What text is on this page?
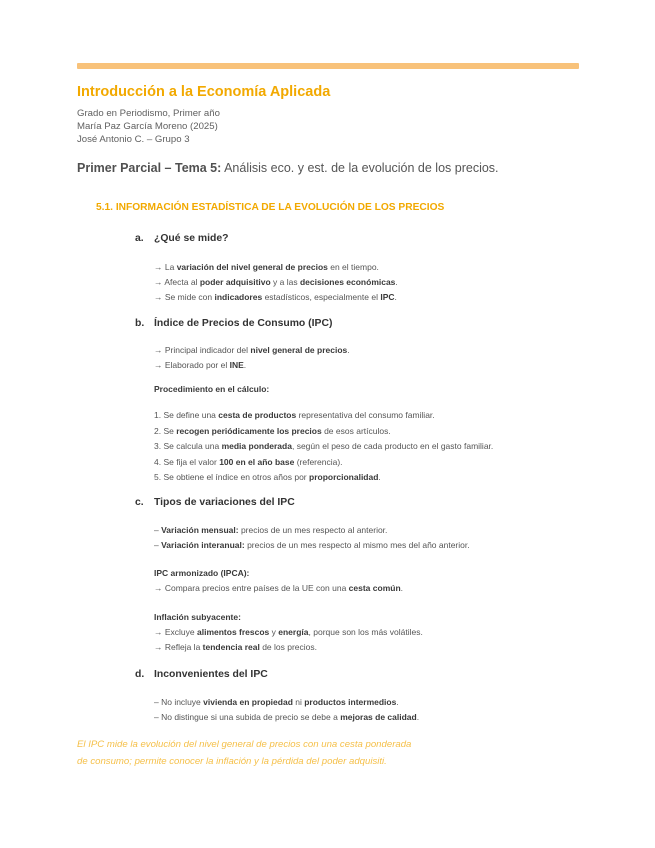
Introducción a la Economía Aplicada
Grado en Periodismo, Primer año
María Paz García Moreno (2025)
José Antonio C. – Grupo 3
Primer Parcial – Tema 5: Análisis eco. y est. de la evolución de los precios.
5.1. INFORMACIÓN ESTADÍSTICA DE LA EVOLUCIÓN DE LOS PRECIOS
a. ¿Qué se mide?
→ La variación del nivel general de precios en el tiempo.
→ Afecta al poder adquisitivo y a las decisiones económicas.
→ Se mide con indicadores estadísticos, especialmente el IPC.
b. Índice de Precios de Consumo (IPC)
→ Principal indicador del nivel general de precios.
→ Elaborado por el INE.
Procedimiento en el cálculo:
1. Se define una cesta de productos representativa del consumo familiar.
2. Se recogen periódicamente los precios de esos artículos.
3. Se calcula una media ponderada, según el peso de cada producto en el gasto familiar.
4. Se fija el valor 100 en el año base (referencia).
5. Se obtiene el índice en otros años por proporcionalidad.
c. Tipos de variaciones del IPC
– Variación mensual: precios de un mes respecto al anterior.
– Variación interanual: precios de un mes respecto al mismo mes del año anterior.
IPC armonizado (IPCA):
→ Compara precios entre países de la UE con una cesta común.
Inflación subyacente:
→ Excluye alimentos frescos y energía, porque son los más volátiles.
→ Refleja la tendencia real de los precios.
d. Inconvenientes del IPC
– No incluye vivienda en propiedad ni productos intermedios.
– No distingue si una subida de precio se debe a mejoras de calidad.
El IPC mide la evolución del nivel general de precios con una cesta ponderada
de consumo; permite conocer la inflación y la pérdida del poder adquisiti.
